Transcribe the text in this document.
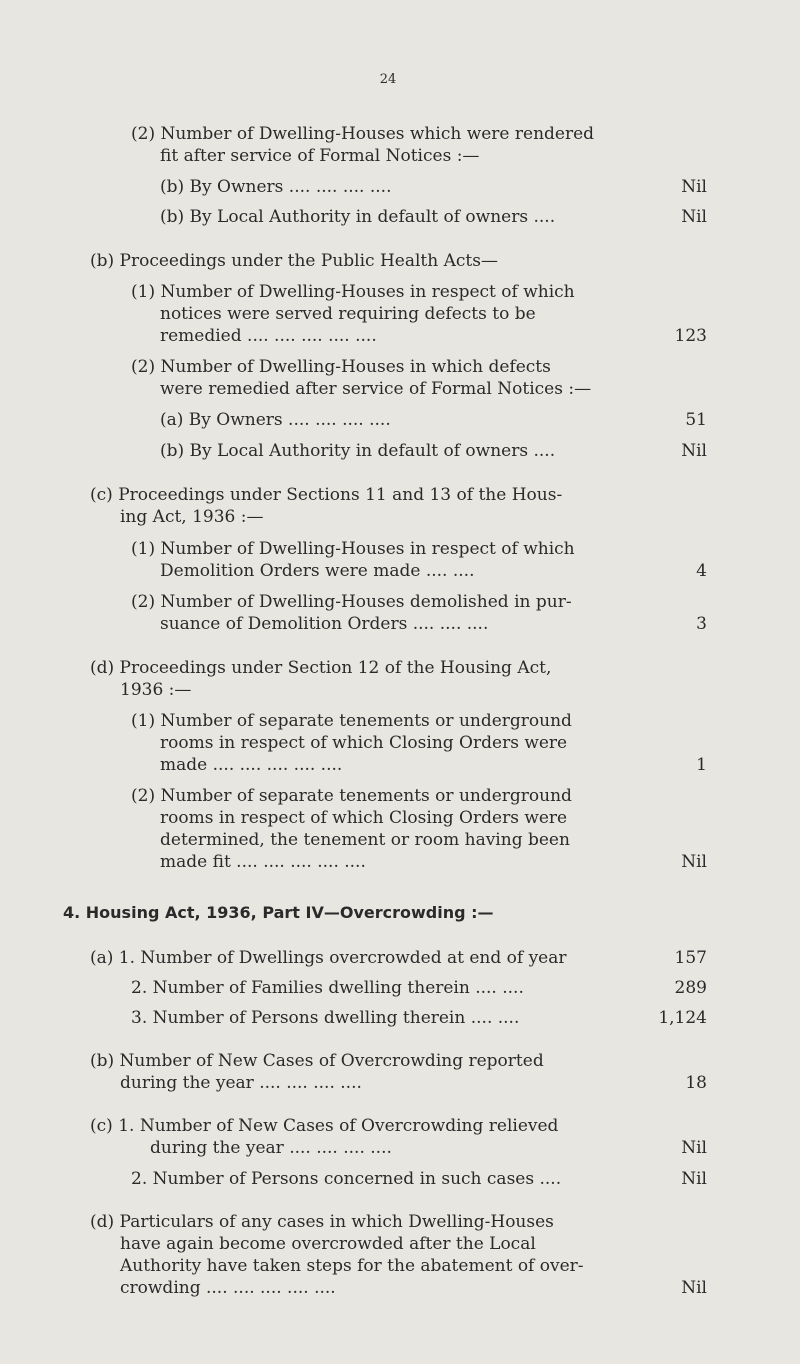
24

(2) Number of Dwelling-Houses which were rendered

fit after service of Formal Notices :—

(b) By Owners .... .... .... ....	Nil

(b) By Local Authority in default of owners ....	Nil

(b) Proceedings under the Public Health Acts—

(1) Number of Dwelling-Houses in respect of which

notices were served requiring defects to be

remedied .... .... .... .... ....	123

(2) Number of Dwelling-Houses in which defects

were remedied after service of Formal Notices :—

(a) By Owners .... .... .... ....	51

(b) By Local Authority in default of owners ....	Nil

(c) Proceedings under Sections 11 and 13 of the Hous-

ing Act, 1936 :—

(1) Number of Dwelling-Houses in respect of which

Demolition Orders were made .... ....	4

(2) Number of Dwelling-Houses demolished in pur-

suance of Demolition Orders .... .... ....	3

(d) Proceedings under Section 12 of the Housing Act,

1936 :—

(1) Number of separate tenements or underground

rooms in respect of which Closing Orders were

made .... .... .... .... ....	1

(2) Number of separate tenements or underground

rooms in respect of which Closing Orders were

determined, the tenement or room having been

made fit .... .... .... .... ....	Nil

4. Housing Act, 1936, Part IV—Overcrowding :—

(a) 1. Number of Dwellings overcrowded at end of year	157

2. Number of Families dwelling therein .... ....	289

3. Number of Persons dwelling therein .... ....	1,124

(b) Number of New Cases of Overcrowding reported

during the year .... .... .... ....	18

(c) 1. Number of New Cases of Overcrowding relieved

during the year .... .... .... ....	Nil

2. Number of Persons concerned in such cases ....	Nil

(d) Particulars of any cases in which Dwelling-Houses

have again become overcrowded after the Local

Authority have taken steps for the abatement of over-

crowding .... .... .... .... ....	Nil
